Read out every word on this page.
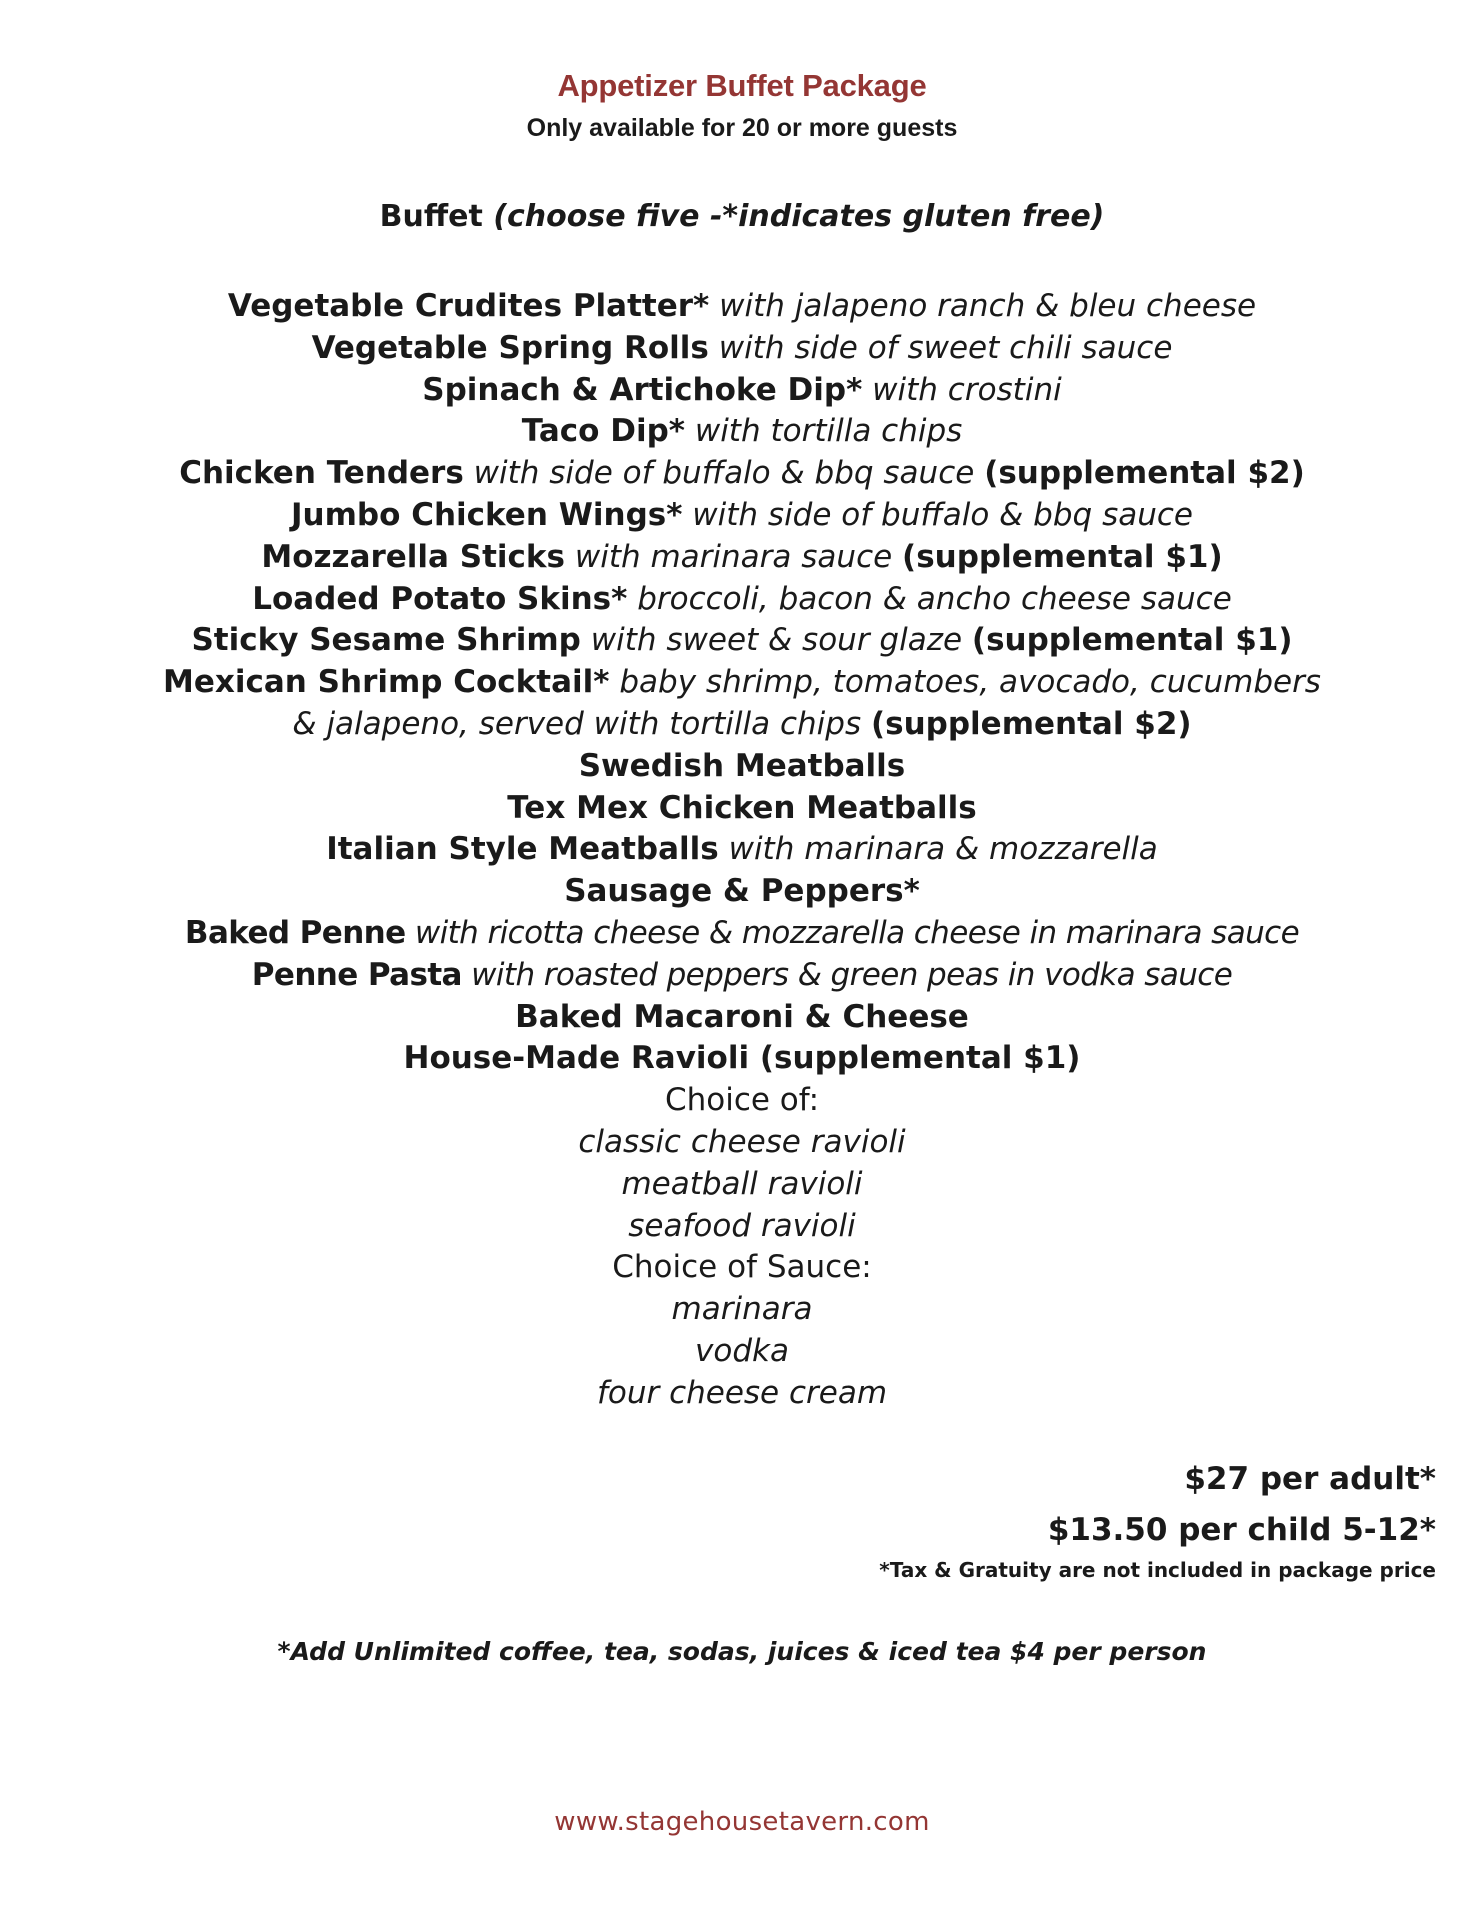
Appetizer Buffet Package
Only available for 20 or more guests
Buffet (choose five -*indicates gluten free)
Vegetable Crudites Platter* with jalapeno ranch & bleu cheese
Vegetable Spring Rolls with side of sweet chili sauce
Spinach & Artichoke Dip* with crostini
Taco Dip* with tortilla chips
Chicken Tenders with side of buffalo & bbq sauce (supplemental $2)
Jumbo Chicken Wings* with side of buffalo & bbq sauce
Mozzarella Sticks with marinara sauce (supplemental $1)
Loaded Potato Skins* broccoli, bacon & ancho cheese sauce
Sticky Sesame Shrimp with sweet & sour glaze (supplemental $1)
Mexican Shrimp Cocktail* baby shrimp, tomatoes, avocado, cucumbers
& jalapeno, served with tortilla chips (supplemental $2)
Swedish Meatballs
Tex Mex Chicken Meatballs
Italian Style Meatballs with marinara & mozzarella
Sausage & Peppers*
Baked Penne with ricotta cheese & mozzarella cheese in marinara sauce
Penne Pasta with roasted peppers & green peas in vodka sauce
Baked Macaroni & Cheese
House-Made Ravioli (supplemental $1)
Choice of:
classic cheese ravioli
meatball ravioli
seafood ravioli
Choice of Sauce:
marinara
vodka
four cheese cream
$27 per adult*
$13.50 per child 5-12*
*Tax & Gratuity are not included in package price
*Add Unlimited coffee, tea, sodas, juices & iced tea $4 per person
www.stagehousetavern.com
